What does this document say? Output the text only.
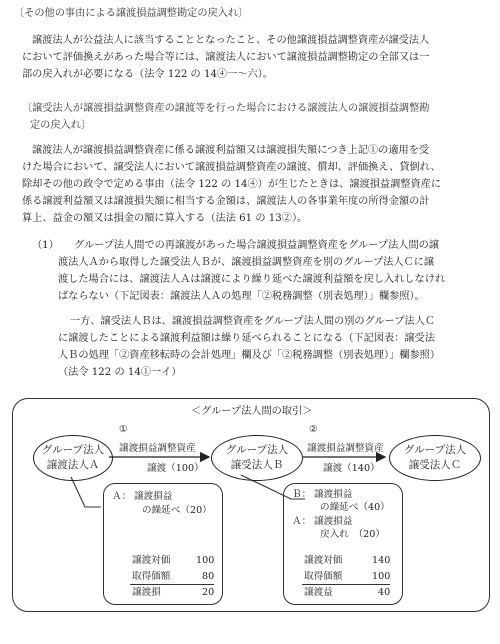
〔その他の事由による譲渡損益調整勘定の戻入れ〕
譲渡法人が公益法人に該当することとなったこと、その他譲渡損益調整資産が譲受法人
において評価換えがあった場合等には、譲渡法人において譲渡損益調整勘定の全部又は一
部の戻入れが必要になる（法令 122 の 14④一～六）。
〔譲受法人が譲渡損益調整資産の譲渡等を行った場合における譲渡法人の譲渡損益調整勘
定の戻入れ〕
譲渡法人が譲渡損益調整資産に係る譲渡利益額又は譲渡損失額につき上記①の適用を受
けた場合において、譲受法人において譲渡損益調整資産の譲渡、償却、評価換え、貸倒れ、
除却その他の政令で定める事由（法令 122 の 14④）が生じたときは、譲渡損益調整資産に
係る譲渡利益額又は譲渡損失額に相当する金額は、譲渡法人の各事業年度の所得金額の計
算上、益金の額又は損金の額に算入する（法法 61 の 13②）。
（1） グループ法人間での再譲渡があった場合譲渡損益調整資産をグループ法人間の譲
渡法人Ａから取得した譲受法人Ｂが、譲渡損益調整資産を別のグループ法人Ｃに譲
渡した場合には、譲渡法人Ａは譲渡により繰り延べた譲渡利益額を戻し入れしなけれ
ばならない（下記図表：譲渡法人Ａの処理「②税務調整（別表処理）」欄参照）。
一方、譲受法人Ｂは、譲渡損益調整資産をグループ法人間の別のグループ法人Ｃ
に譲渡したことによる譲渡利益額は繰り延べられることになる（下記図表：譲受法
人Ｂの処理「②資産移転時の会計処理」欄及び「②税務調整（別表処理）」欄参照）
（法令 122 の 14①一イ）
＜グループ法人間の取引＞
①	②
譲渡損益調整資産
譲渡（100）
譲渡損益調整資産
譲渡（140）
グループ法人
譲渡法人Ａ
グループ法人
譲受法人Ｂ
グループ法人
譲受法人Ｃ
Ａ： 譲渡損益
の繰延べ（20）
譲渡対価	100
取得価額	80
譲渡損	20
Ｂ： 譲渡損益
の繰延べ（40）
Ａ： 譲渡損益
戻入れ　（20）
譲渡対価	140
取得価額	100
譲渡益	40
